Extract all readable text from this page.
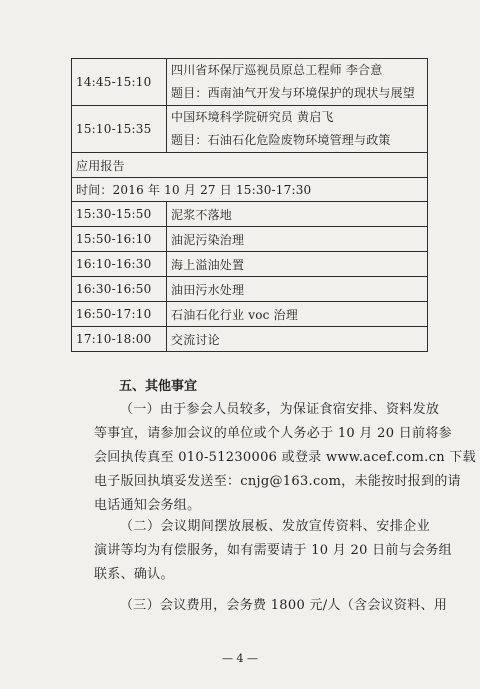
14:45-15:10	四川省环保厅巡视员原总工程师 李合意
题目：西南油气开发与环境保护的现状与展望

15:10-15:35	中国环境科学院研究员 黄启飞
题目：石油石化危险废物环境管理与政策

应用报告	
时间：2016 年 10 月 27 日 15:30-17:30	
15:30-15:50	泥浆不落地
15:50-16:10	油泥污染治理
16:10-16:30	海上溢油处置
16:30-16:50	油田污水处理
16:50-17:10	石油石化行业 voc 治理
17:10-18:00	交流讨论
五、其他事宜
（一）由于参会人员较多，为保证食宿安排、资料发放
等事宜，请参加会议的单位或个人务必于 10 月 20 日前将参
会回执传真至 010-51230006 或登录 www.acef.com.cn 下载
电子版回执填妥发送至：cnjg@163.com，未能按时报到的请
电话通知会务组。
（二）会议期间摆放展板、发放宣传资料、安排企业
演讲等均为有偿服务，如有需要请于 10 月 20 日前与会务组
联系、确认。
（三）会议费用，会务费 1800 元/人（含会议资料、用
— 4 —
